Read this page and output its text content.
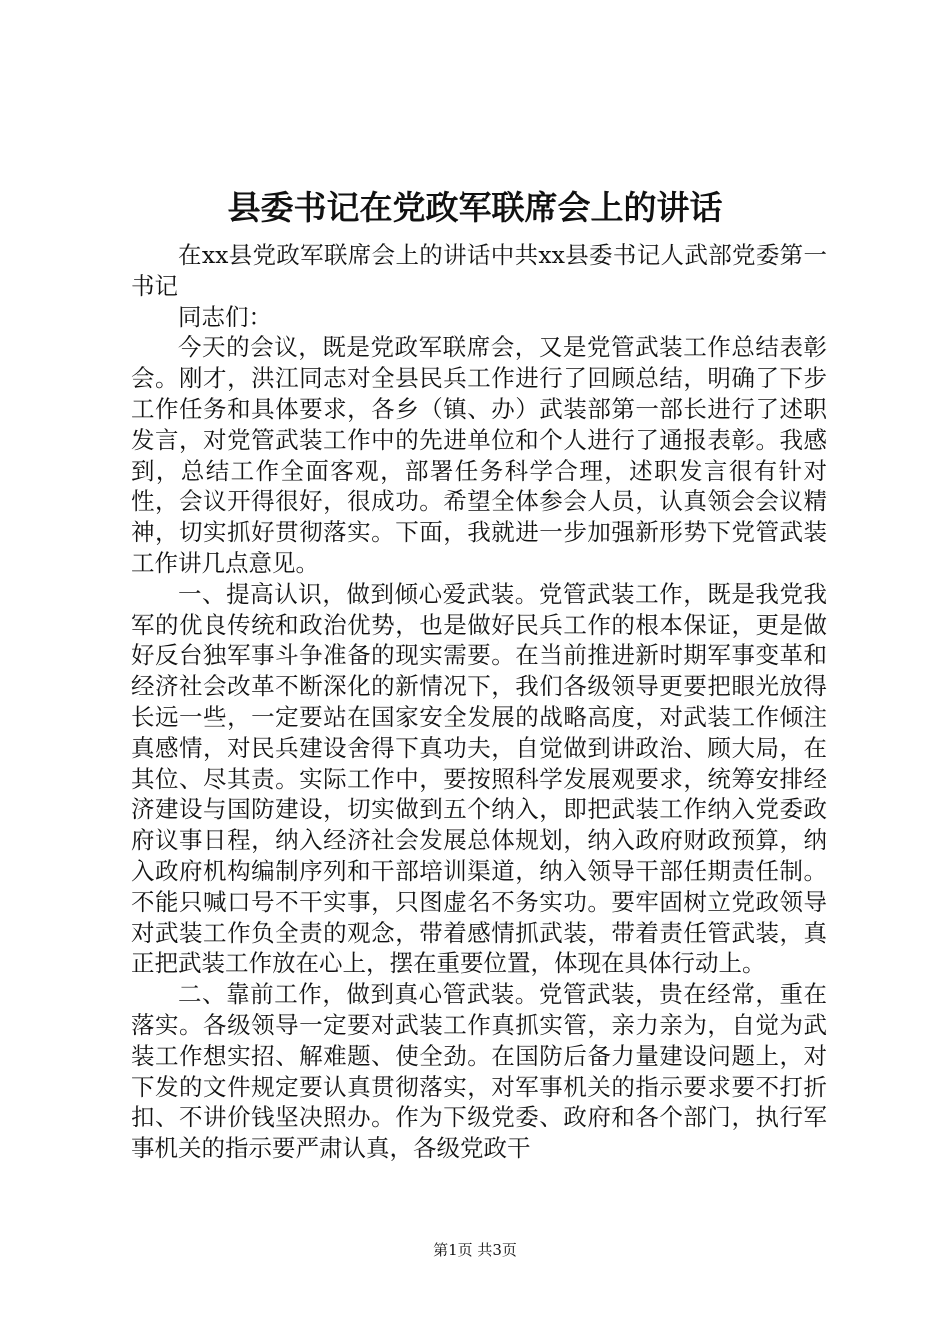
县委书记在党政军联席会上的讲话

在xx县党政军联席会上的讲话中共xx县委书记人武部党委第一书记

同志们：

今天的会议，既是党政军联席会，又是党管武装工作总结表彰会。刚才，洪江同志对全县民兵工作进行了回顾总结，明确了下步工作任务和具体要求，各乡（镇、办）武装部第一部长进行了述职发言，对党管武装工作中的先进单位和个人进行了通报表彰。我感到，总结工作全面客观，部署任务科学合理，述职发言很有针对性，会议开得很好，很成功。希望全体参会人员，认真领会会议精神，切实抓好贯彻落实。下面，我就进一步加强新形势下党管武装工作讲几点意见。

一、提高认识，做到倾心爱武装。党管武装工作，既是我党我军的优良传统和政治优势，也是做好民兵工作的根本保证，更是做好反台独军事斗争准备的现实需要。在当前推进新时期军事变革和经济社会改革不断深化的新情况下，我们各级领导更要把眼光放得长远一些，一定要站在国家安全发展的战略高度，对武装工作倾注真感情，对民兵建设舍得下真功夫，自觉做到讲政治、顾大局，在其位、尽其责。实际工作中，要按照科学发展观要求，统筹安排经济建设与国防建设，切实做到五个纳入，即把武装工作纳入党委政府议事日程，纳入经济社会发展总体规划，纳入政府财政预算，纳入政府机构编制序列和干部培训渠道，纳入领导干部任期责任制。不能只喊口号不干实事，只图虚名不务实功。要牢固树立党政领导对武装工作负全责的观念，带着感情抓武装，带着责任管武装，真正把武装工作放在心上，摆在重要位置，体现在具体行动上。

二、靠前工作，做到真心管武装。党管武装，贵在经常，重在落实。各级领导一定要对武装工作真抓实管，亲力亲为，自觉为武装工作想实招、解难题、使全劲。在国防后备力量建设问题上，对下发的文件规定要认真贯彻落实，对军事机关的指示要求要不打折扣、不讲价钱坚决照办。作为下级党委、政府和各个部门，执行军事机关的指示要严肃认真，各级党政干

第1页 共3页
